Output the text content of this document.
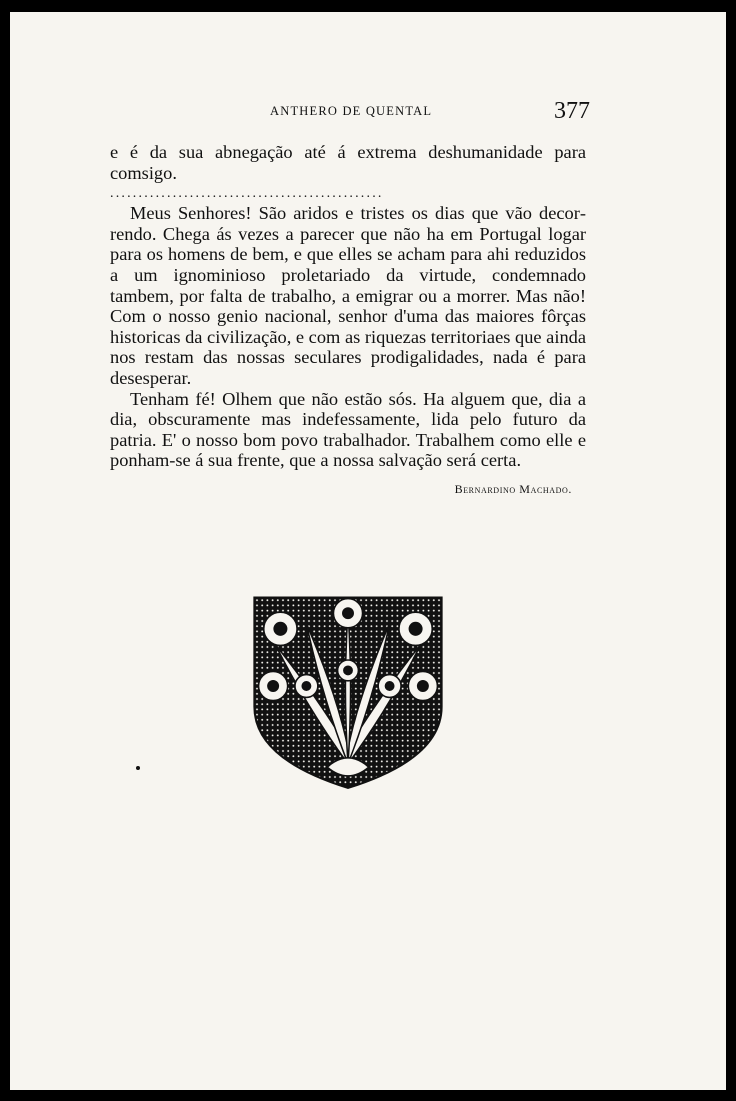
ANTHERO DE QUENTAL	377

e é da sua abnegação até á extrema deshumanidade para comsigo.

................................................

Meus Senhores! São aridos e tristes os dias que vão decorrendo. Chega ás vezes a parecer que não ha em Portugal logar para os homens de bem, e que elles se acham para ahi reduzidos a um ignominioso proletariado da virtude, condemnado tambem, por falta de trabalho, a emigrar ou a morrer. Mas não! Com o nosso genio nacional, senhor d'uma das maiores fôrças historicas da civilização, e com as riquezas territoriaes que ainda nos restam das nossas seculares prodigalidades, nada é para desesperar.

Tenham fé! Olhem que não estão sós. Ha alguem que, dia a dia, obscuramente mas indefessamente, lida pelo futuro da patria. E' o nosso bom povo trabalhador. Trabalhem como elle e ponham-se á sua frente, que a nossa salvação será certa.

Bernardino Machado.
